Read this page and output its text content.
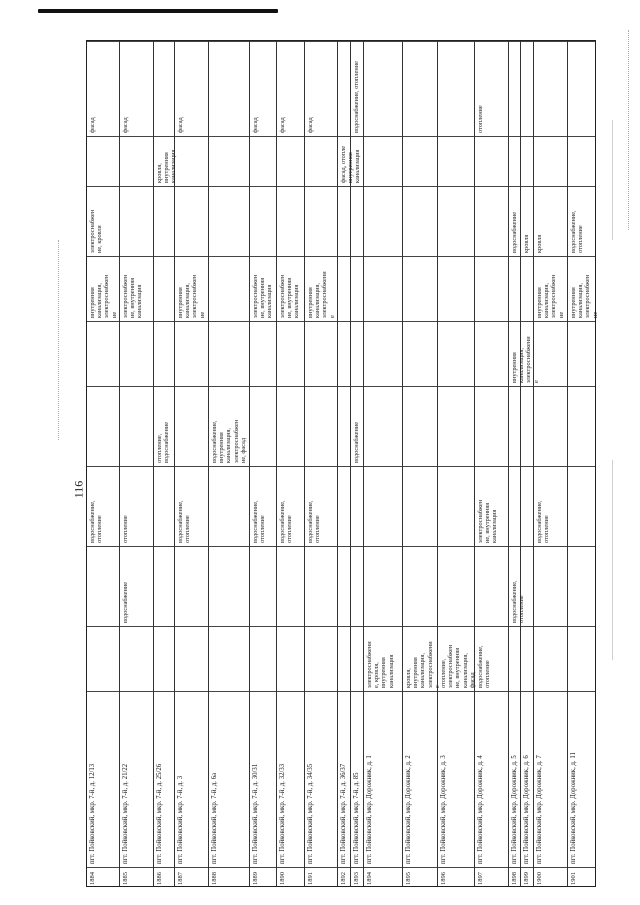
116
1884
пгт. Пойковский, мкр. 7-й, д. 12/13
водоснабжение,
отопление
внутренняя
канализация,
электроснабжен
ие
электроснабжен
ие, кровля
фасад
1885
пгт. Пойковский, мкр. 7-й, д. 21/22
водоснабжение
отопление
электроснабжен
ие, внутренняя
канализация
фасад
1886
пгт. Пойковский, мкр. 7-й, д. 25/26
отопление,
водоснабжение
кровля,
внутренняя
канализация
1887
пгт. Пойковский, мкр. 7-й, д. 3
водоснабжение,
отопление
внутренняя
канализация,
электроснабжен
ие
фасад
1888
пгт. Пойковский, мкр. 7-й, д. 6а
водоснабжение,
внутренняя
канализация,
электроснабжен
ие, фасад
1889
пгт. Пойковский, мкр. 7-й, д. 30/31
водоснабжение,
отопление
электроснабжен
ие, внутренняя
канализация
фасад
1890
пгт. Пойковский, мкр. 7-й, д. 32/33
водоснабжение,
отопление
электроснабжен
ие, внутренняя
канализация
фасад
1891
пгт. Пойковский, мкр. 7-й, д. 34/35
водоснабжение,
отопление
внутренняя
канализация,
электроснабжени
е
фасад
1892
пгт. Пойковский, мкр. 7-й, д. 36/37
фасад, отопле
внутренняя
канализация
1893
пгт. Пойковский, мкр. 7-й, д. 85
водоснабжение
водоснабжение, отопление
1894
пгт. Пойковский, мкр. Дорожник, д. 1
электроснабжени
е, кровля,
внутренняя
канализация
1895
пгт. Пойковский, мкр. Дорожник, д. 2
кровля,
внутренняя
канализация,
электроснабжени
е
1896
пгт. Пойковский, мкр. Дорожник, д. 3
отопление,
электроснабжен
ие, внутренняя
канализация,
фасад
1897
пгт. Пойковский, мкр. Дорожник, д. 4
водоснабжение,
отопление
электроснабжен
ие, внутренняя
канализация
отопление
1898
пгт. Пойковский, мкр. Дорожник, д. 5
водоснабжение,
отопление
внутренняя
канализация,
электроснабжени
е
водоснабжение
1899
пгт. Пойковский, мкр. Дорожник, д. 6
кровля
1900
пгт. Пойковский, мкр. Дорожник, д. 7
водоснабжение,
отопление
внутренняя
канализация,
электроснабжен
ие
кровля
1901
пгт. Пойковский, мкр. Дорожник, д. 11
внутренняя
канализация,
электроснабжен
ие
водоснабжение,
отопление
